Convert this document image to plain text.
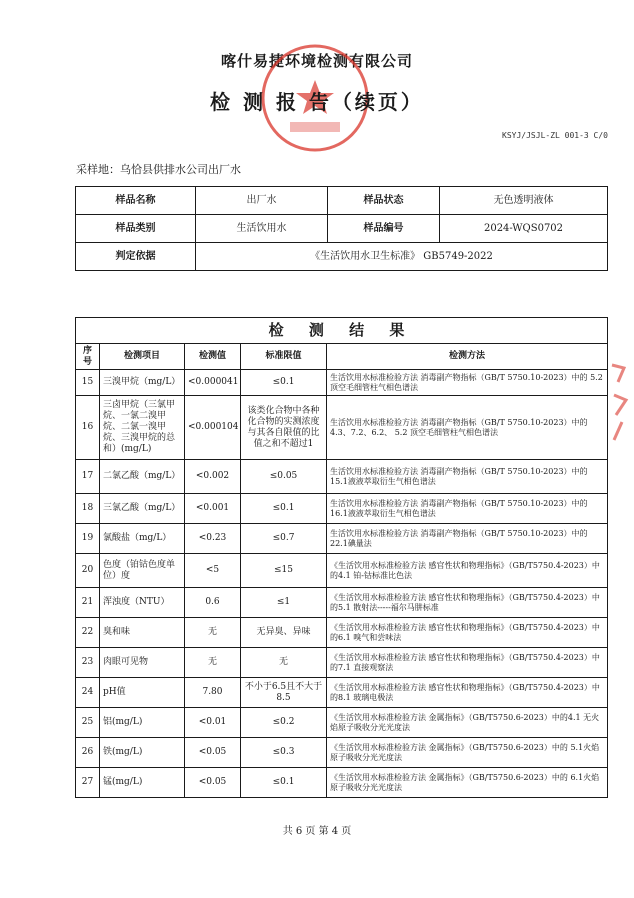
喀什易捷环境检测有限公司
检 测 报 告（续页）
KSYJ/JSJL-ZL 001-3 C/0
采样地：乌恰县供排水公司出厂水
样品名称	出厂水	样品状态	无色透明液体
样品类别	生活饮用水	样品编号	2024-WQS0702
判定依据	《生活饮用水卫生标准》 GB5749-2022		
检 测 结 果				
序号	检测项目	检测值	标准限值	检测方法
15	三溴甲烷（mg/L）	<0.000041	≤0.1	生活饮用水标准检验方法 消毒副产物指标（GB/T 5750.10-2023）中的 5.2 顶空毛细管柱气相色谱法
16	三卤甲烷（三氯甲烷、一氯二溴甲烷、二氯一溴甲烷、三溴甲烷的总和）(mg/L)	<0.000104	该类化合物中各种化合物的实测浓度与其各自限值的比值之和不超过1	生活饮用水标准检验方法 消毒副产物指标（GB/T 5750.10-2023）中的4.3、7.2、6.2、 5.2 顶空毛细管柱气相色谱法
17	二氯乙酸（mg/L）	<0.002	≤0.05	生活饮用水标准检验方法 消毒副产物指标（GB/T 5750.10-2023）中的15.1液液萃取衍生气相色谱法
18	三氯乙酸（mg/L）	<0.001	≤0.1	生活饮用水标准检验方法 消毒副产物指标（GB/T 5750.10-2023）中的16.1液液萃取衍生气相色谱法
19	氯酸盐（mg/L）	<0.23	≤0.7	生活饮用水标准检验方法 消毒副产物指标（GB/T 5750.10-2023）中的22.1碘量法
20	色度（铂钴色度单位）度	<5	≤15	《生活饮用水标准检验方法 感官性状和物理指标》（GB/T5750.4-2023）中的4.1 铂-钴标准比色法
21	浑浊度（NTU）	0.6	≤1	《生活饮用水标准检验方法 感官性状和物理指标》（GB/T5750.4-2023）中的5.1 散射法-----福尔马肼标准
22	臭和味	无	无异臭、异味	《生活饮用水标准检验方法 感官性状和物理指标》（GB/T5750.4-2023）中的6.1 嗅气和尝味法
23	肉眼可见物	无	无	《生活饮用水标准检验方法 感官性状和物理指标》（GB/T5750.4-2023）中的7.1 直接观察法
24	pH值	7.80	不小于6.5且不大于8.5	《生活饮用水标准检验方法 感官性状和物理指标》（GB/T5750.4-2023）中的8.1 玻璃电极法
25	铝(mg/L)	<0.01	≤0.2	《生活饮用水标准检验方法 金属指标》（GB/T5750.6-2023）中的4.1 无火焰原子吸收分光光度法
26	铁(mg/L)	<0.05	≤0.3	《生活饮用水标准检验方法 金属指标》（GB/T5750.6-2023）中的 5.1火焰原子吸收分光光度法
27	锰(mg/L)	<0.05	≤0.1	《生活饮用水标准检验方法 金属指标》（GB/T5750.6-2023）中的 6.1火焰原子吸收分光光度法
共 6 页 第 4 页
